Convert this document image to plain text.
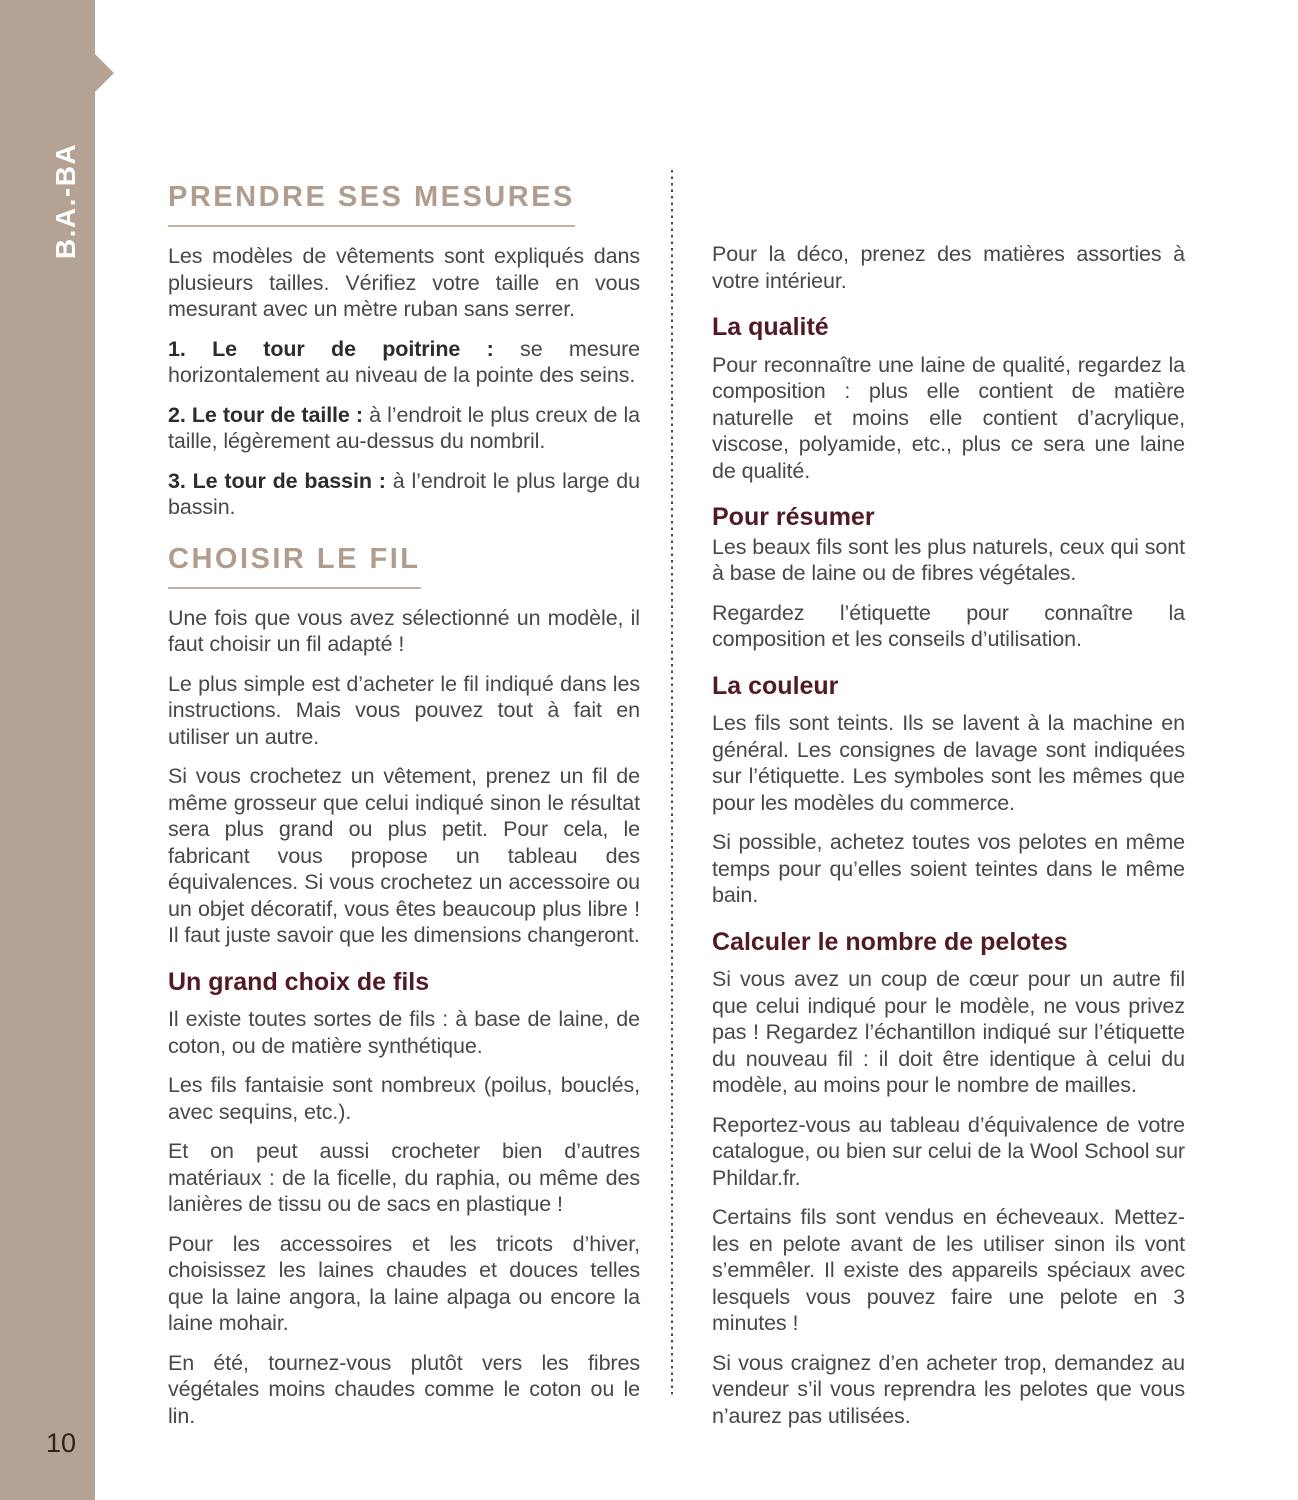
B.A.-BA
10
PRENDRE SES MESURES

Les modèles de vêtements sont expliqués dans plusieurs tailles. Vérifiez votre taille en vous mesurant avec un mètre ruban sans serrer.

1. Le tour de poitrine : se mesure horizontalement au niveau de la pointe des seins.

2. Le tour de taille : à l’endroit le plus creux de la taille, légèrement au-dessus du nombril.

3. Le tour de bassin : à l’endroit le plus large du bassin.

CHOISIR LE FIL

Une fois que vous avez sélectionné un modèle, il faut choisir un fil adapté !

Le plus simple est d’acheter le fil indiqué dans les instructions. Mais vous pouvez tout à fait en utiliser un autre.

Si vous crochetez un vêtement, prenez un fil de même grosseur que celui indiqué sinon le résultat sera plus grand ou plus petit. Pour cela, le fabricant vous propose un tableau des équivalences. Si vous crochetez un accessoire ou un objet décoratif, vous êtes beaucoup plus libre ! Il faut juste savoir que les dimensions changeront.

Un grand choix de fils

Il existe toutes sortes de fils : à base de laine, de coton, ou de matière synthétique.

Les fils fantaisie sont nombreux (poilus, bouclés, avec sequins, etc.).

Et on peut aussi crocheter bien d’autres matériaux : de la ficelle, du raphia, ou même des lanières de tissu ou de sacs en plastique !

Pour les accessoires et les tricots d’hiver, choisissez les laines chaudes et douces telles que la laine angora, la laine alpaga ou encore la laine mohair.

En été, tournez-vous plutôt vers les fibres végétales moins chaudes comme le coton ou le lin.

Pour la déco, prenez des matières assorties à votre intérieur.

La qualité

Pour reconnaître une laine de qualité, regardez la composition : plus elle contient de matière naturelle et moins elle contient d’acrylique, viscose, polyamide, etc., plus ce sera une laine de qualité.

Pour résumer

Les beaux fils sont les plus naturels, ceux qui sont à base de laine ou de fibres végétales.

Regardez l’étiquette pour connaître la composition et les conseils d’utilisation.

La couleur

Les fils sont teints. Ils se lavent à la machine en général. Les consignes de lavage sont indiquées sur l’étiquette. Les symboles sont les mêmes que pour les modèles du commerce.

Si possible, achetez toutes vos pelotes en même temps pour qu’elles soient teintes dans le même bain.

Calculer le nombre de pelotes

Si vous avez un coup de cœur pour un autre fil que celui indiqué pour le modèle, ne vous privez pas ! Regardez l’échantillon indiqué sur l’étiquette du nouveau fil : il doit être identique à celui du modèle, au moins pour le nombre de mailles.

Reportez-vous au tableau d’équivalence de votre catalogue, ou bien sur celui de la Wool School sur Phildar.fr.

Certains fils sont vendus en écheveaux. Mettez-les en pelote avant de les utiliser sinon ils vont s’emmêler. Il existe des appareils spéciaux avec lesquels vous pouvez faire une pelote en 3 minutes !

Si vous craignez d’en acheter trop, demandez au vendeur s’il vous reprendra les pelotes que vous n’aurez pas utilisées.
